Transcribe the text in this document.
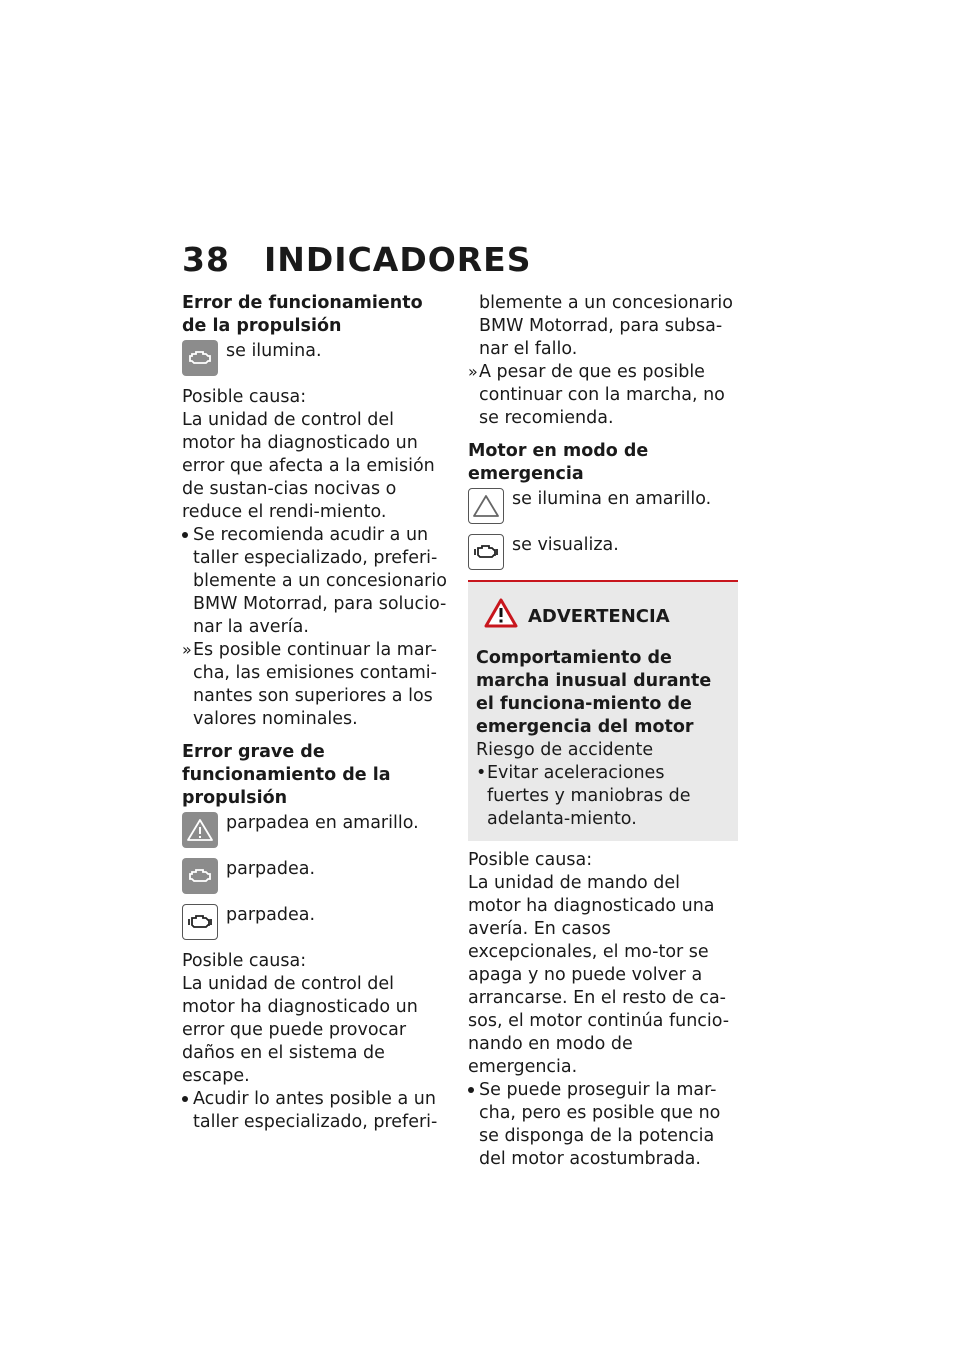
38 INDICADORES

Error de funcionamiento de la propulsión

se ilumina.

Posible causa:

La unidad de control del motor ha diagnosticado un error que afecta a la emisión de sustan-cias nocivas o reduce el rendi-miento.

Se recomienda acudir a un taller especializado, preferi-blemente a un concesionario BMW Motorrad, para solucio-nar la avería.

» Es posible continuar la mar-cha, las emisiones contami-nantes son superiores a los valores nominales.

Error grave de funcionamiento de la propulsión

parpadea en amarillo.
parpadea.
parpadea.

Posible causa:

La unidad de control del motor ha diagnosticado un error que puede provocar daños en el sistema de escape.

Acudir lo antes posible a un taller especializado, preferi-

blemente a un concesionario BMW Motorrad, para subsa-nar el fallo.

» A pesar de que es posible continuar con la marcha, no se recomienda.

Motor en modo de emergencia

se ilumina en amarillo.
se visualiza.
ADVERTENCIA

Comportamiento de marcha inusual durante el funciona-miento de emergencia del motor

Riesgo de accidente

• Evitar aceleraciones fuertes y maniobras de adelanta-miento.

Posible causa:

La unidad de mando del motor ha diagnosticado una avería. En casos excepcionales, el mo-tor se apaga y no puede volver a arrancarse. En el resto de ca-sos, el motor continúa funcio-nando en modo de emergencia.

Se puede proseguir la mar-cha, pero es posible que no se disponga de la potencia del motor acostumbrada.
